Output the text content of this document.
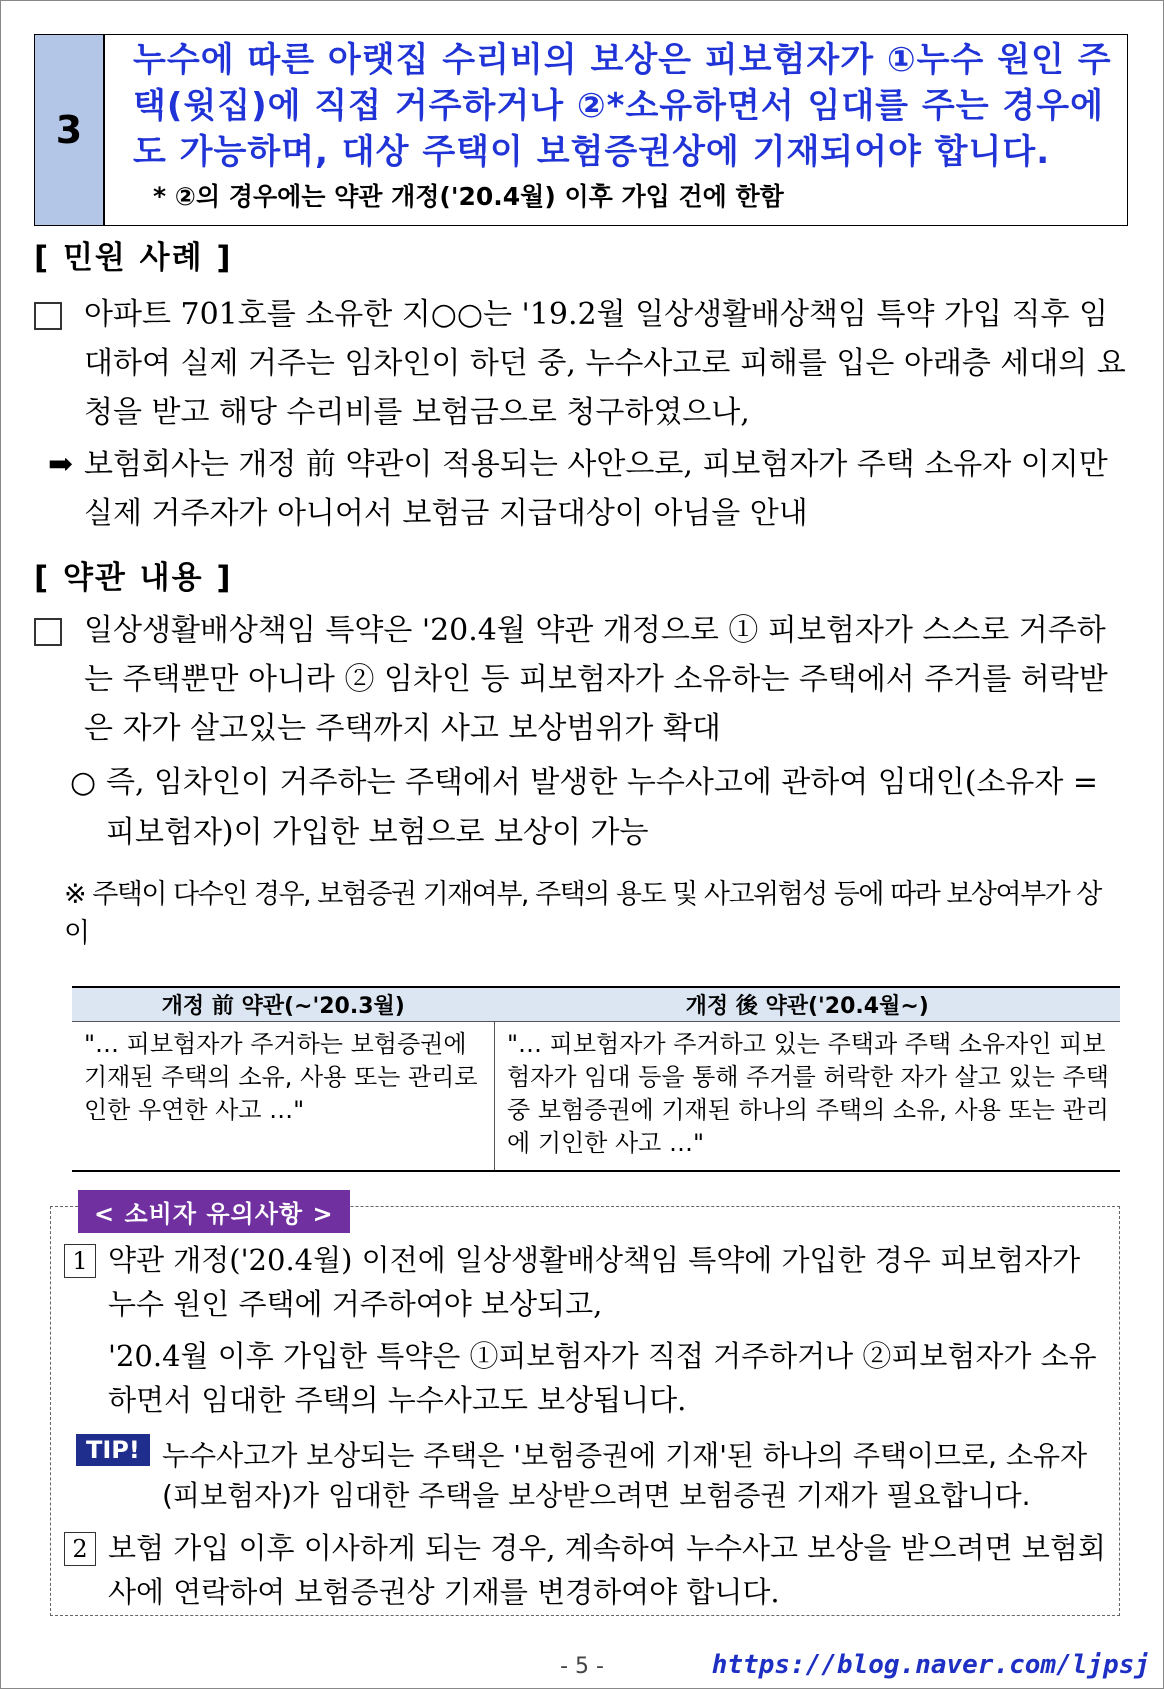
3
누수에 따른 아랫집 수리비의 보상은 피보험자가 ①누수 원인 주택(윗집)에 직접 거주하거나 ②*소유하면서 임대를 주는 경우에도 가능하며, 대상 주택이 보험증권상에 기재되어야 합니다.
* ②의 경우에는 약관 개정('20.4월) 이후 가입 건에 한함
[ 민원 사례 ]
아파트 701호를 소유한 지○○는 '19.2월 일상생활배상책임 특약 가입 직후 임대하여 실제 거주는 임차인이 하던 중, 누수사고로 피해를 입은 아래층 세대의 요청을 받고 해당 수리비를 보험금으로 청구하였으나,
➡ 보험회사는 개정 前 약관이 적용되는 사안으로, 피보험자가 주택 소유자 이지만 실제 거주자가 아니어서 보험금 지급대상이 아님을 안내
[ 약관 내용 ]
일상생활배상책임 특약은 '20.4월 약관 개정으로 ① 피보험자가 스스로 거주하는 주택뿐만 아니라 ② 임차인 등 피보험자가 소유하는 주택에서 주거를 허락받은 자가 살고있는 주택까지 사고 보상범위가 확대
○ 즉, 임차인이 거주하는 주택에서 발생한 누수사고에 관하여 임대인(소유자 = 피보험자)이 가입한 보험으로 보상이 가능
※ 주택이 다수인 경우, 보험증권 기재여부, 주택의 용도 및 사고위험성 등에 따라 보상여부가 상이
개정 前 약관(~'20.3월)	개정 後 약관('20.4월~)
"… 피보험자가 주거하는 보험증권에 기재된 주택의 소유, 사용 또는 관리로 인한 우연한 사고 …"	"… 피보험자가 주거하고 있는 주택과 주택 소유자인 피보험자가 임대 등을 통해 주거를 허락한 자가 살고 있는 주택 중 보험증권에 기재된 하나의 주택의 소유, 사용 또는 관리에 기인한 사고 …"
< 소비자 유의사항 >
1 약관 개정('20.4월) 이전에 일상생활배상책임 특약에 가입한 경우 피보험자가 누수 원인 주택에 거주하여야 보상되고,
'20.4월 이후 가입한 특약은 ①피보험자가 직접 거주하거나 ②피보험자가 소유하면서 임대한 주택의 누수사고도 보상됩니다.
TIP! 누수사고가 보상되는 주택은 '보험증권에 기재'된 하나의 주택이므로, 소유자(피보험자)가 임대한 주택을 보상받으려면 보험증권 기재가 필요합니다.
2 보험 가입 이후 이사하게 되는 경우, 계속하여 누수사고 보상을 받으려면 보험회사에 연락하여 보험증권상 기재를 변경하여야 합니다.
- 5 -	https://blog.naver.com/ljpsj
